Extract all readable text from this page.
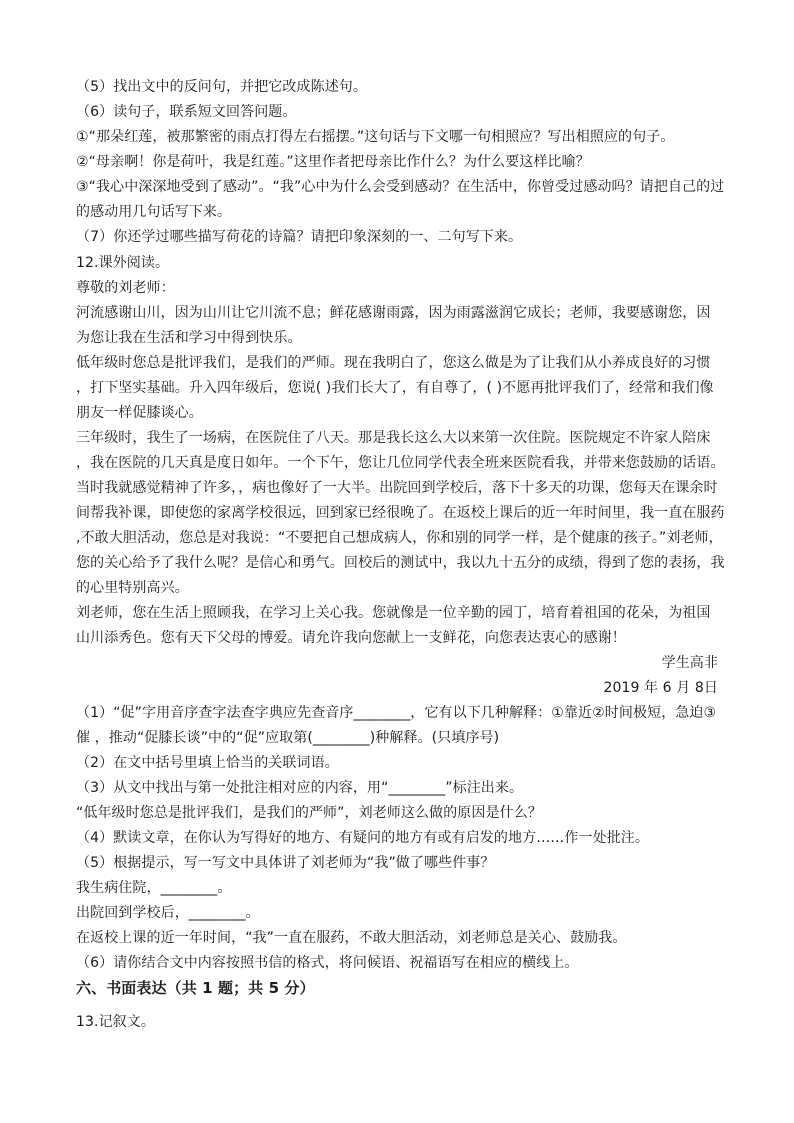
（5）找出文中的反问句，并把它改成陈述句。
（6）读句子，联系短文回答问题。
①“那朵红莲，被那繁密的雨点打得左右摇摆。”这句话与下文哪一句相照应？写出相照应的句子。
②“母亲啊！你是荷叶，我是红莲。”这里作者把母亲比作什么？为什么要这样比喻？
③“我心中深深地受到了感动”。“我”心中为什么会受到感动？在生活中，你曾受过感动吗？请把自己的过
的感动用几句话写下来。
（7）你还学过哪些描写荷花的诗篇？请把印象深刻的一、二句写下来。
12.课外阅读。
尊敬的刘老师：
河流感谢山川，因为山川让它川流不息；鲜花感谢雨露，因为雨露滋润它成长；老师，我要感谢您，因
为您让我在生活和学习中得到快乐。
低年级时您总是批评我们，是我们的严师。现在我明白了，您这么做是为了让我们从小养成良好的习惯
，打下坚实基础。升入四年级后，您说( )我们长大了，有自尊了，( )不愿再批评我们了，经常和我们像
朋友一样促膝谈心。
三年级时，我生了一场病，在医院住了八天。那是我长这么大以来第一次住院。医院规定不许家人陪床
，我在医院的几天真是度日如年。一个下午，您让几位同学代表全班来医院看我，并带来您鼓励的话语。
当时我就感觉精神了许多，，病也像好了一大半。出院回到学校后，落下十多天的功课，您每天在课余时
间帮我补课，即使您的家离学校很远，回到家已经很晚了。在返校上课后的近一年时间里，我一直在服药
,不敢大胆活动，您总是对我说：“不要把自己想成病人，你和别的同学一样，是个健康的孩子。”刘老师，
您的关心给予了我什么呢？是信心和勇气。回校后的测试中，我以九十五分的成绩，得到了您的表扬，我
的心里特别高兴。
刘老师，您在生活上照顾我，在学习上关心我。您就像是一位辛勤的园丁，培育着祖国的花朵，为祖国
山川添秀色。您有天下父母的博爱。请允许我向您献上一支鲜花，向您表达衷心的感谢！
学生高非
2019 年 6 月 8日
（1）“促”字用音序查字法查字典应先查音序________，它有以下几种解释：①靠近②时间极短，急迫③
催 ，推动“促膝长谈”中的“促”应取第(________)种解释。(只填序号)
（2）在文中括号里填上恰当的关联词语。
（3）从文中找出与第一处批注相对应的内容，用“________”标注出来。
“低年级时您总是批评我们，是我们的严师”，刘老师这么做的原因是什么？
（4）默读文章，在你认为写得好的地方、有疑问的地方有或有启发的地方……作一处批注。
（5）根据提示，写一写文中具体讲了刘老师为“我”做了哪些件事？
我生病住院，________。
出院回到学校后，________。
在返校上课的近一年时间，“我”一直在服药，不敢大胆活动，刘老师总是关心、鼓励我。
（6）请你结合文中内容按照书信的格式，将问候语、祝福语写在相应的横线上。
六、书面表达（共 1 题；共 5 分）
13.记叙文。
